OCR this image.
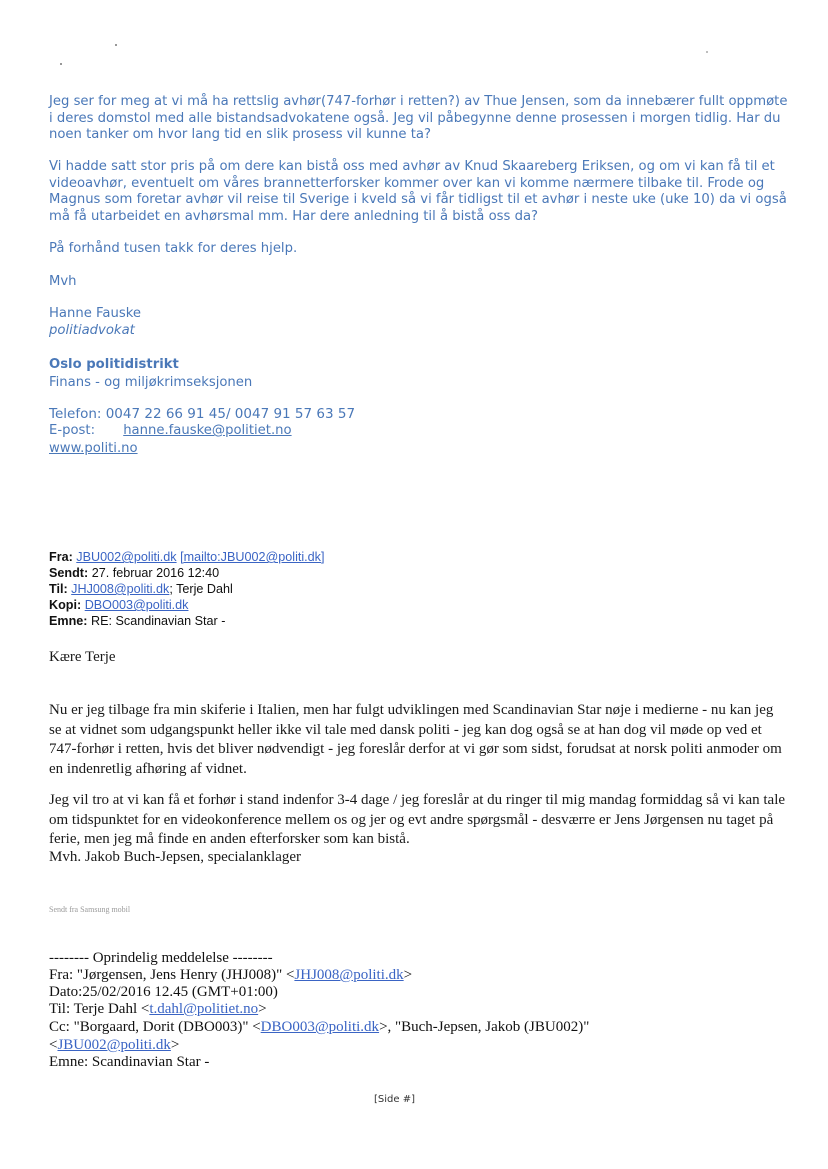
Jeg ser for meg at vi må ha rettslig avhør(747-forhør i retten?) av Thue Jensen, som da innebærer fullt oppmøte i deres domstol med alle bistandsadvokatene også. Jeg vil påbegynne denne prosessen i morgen tidlig. Har du noen tanker om hvor lang tid en slik prosess vil kunne ta?

Vi hadde satt stor pris på om dere kan bistå oss med avhør av Knud Skaareberg Eriksen, og om vi kan få til et videoavhør, eventuelt om våres brannetterforsker kommer over kan vi komme nærmere tilbake til. Frode og Magnus som foretar avhør vil reise til Sverige i kveld så vi får tidligst til et avhør i neste uke (uke 10) da vi også må få utarbeidet en avhørsmal mm. Har dere anledning til å bistå oss da?

På forhånd tusen takk for deres hjelp.
Mvh
Hanne Fauske
politiadvokat
Oslo politidistrikt
Finans - og miljøkrimseksjonen
Telefon: 0047 22 66 91 45/ 0047 91 57 63 57
E-post: hanne.fauske@politiet.no
www.politi.no
Fra: JBU002@politi.dk [mailto:JBU002@politi.dk]
Sendt: 27. februar 2016 12:40
Til: JHJ008@politi.dk; Terje Dahl
Kopi: DBO003@politi.dk
Emne: RE: Scandinavian Star -
Kære Terje

Nu er jeg tilbage fra min skiferie i Italien, men har fulgt udviklingen med Scandinavian Star nøje i medierne - nu kan jeg se at vidnet som udgangspunkt heller ikke vil tale med dansk politi - jeg kan dog også se at han dog vil møde op ved et 747-forhør i retten, hvis det bliver nødvendigt - jeg foreslår derfor at vi gør som sidst, forudsat at norsk politi anmoder om en indenretlig afhøring af vidnet.

Jeg vil tro at vi kan få et forhør i stand indenfor 3-4 dage / jeg foreslår at du ringer til mig mandag formiddag så vi kan tale om tidspunktet for en videokonference mellem os og jer og evt andre spørgsmål - desværre er Jens Jørgensen nu taget på ferie, men jeg må finde en anden efterforsker som kan bistå.

Mvh. Jakob Buch-Jepsen, specialanklager
Sendt fra Samsung mobil
-------- Oprindelig meddelelse --------
Fra: "Jørgensen, Jens Henry (JHJ008)" <JHJ008@politi.dk>
Dato:25/02/2016 12.45 (GMT+01:00)
Til: Terje Dahl <t.dahl@politiet.no>
Cc: "Borgaard, Dorit (DBO003)" <DBO003@politi.dk>, "Buch-Jepsen, Jakob (JBU002)"
<JBU002@politi.dk>
Emne: Scandinavian Star -
[Side #]
